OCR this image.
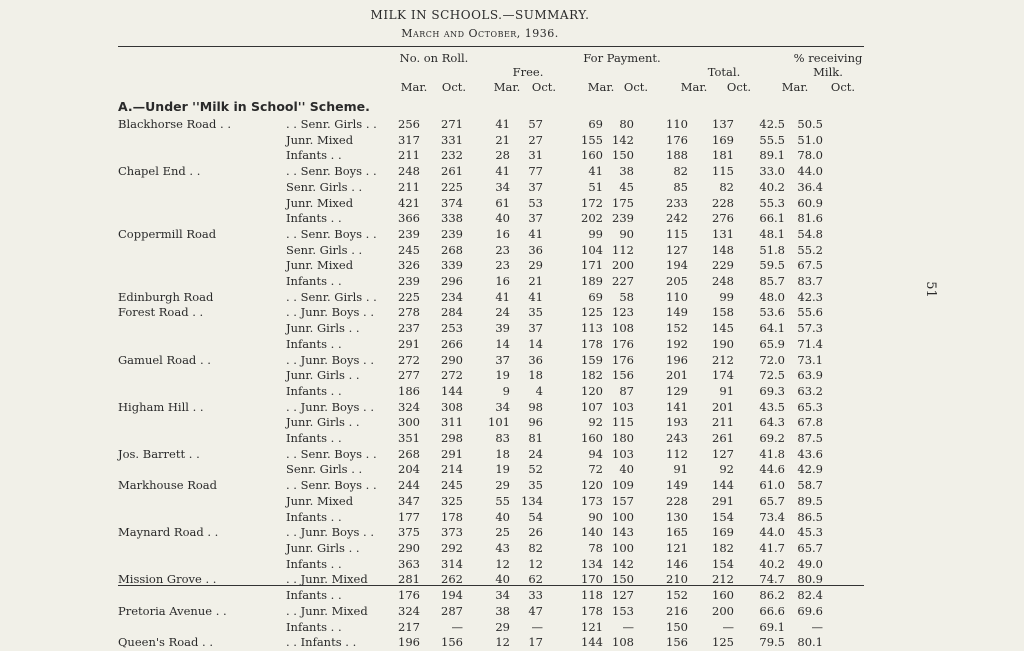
MILK IN SCHOOLS.—SUMMARY.
March and October, 1936.
No. on Roll.
Free.
For Payment.
Total.
% receiving Milk.
Mar.	Oct.	Mar.	Oct.	Mar. Oct.	Mar.	Oct.	Mar.	Oct.
A.—Under ''Milk in School'' Scheme.
Blackhorse Road . .	. . Senr. Girls . .	256	271	41	57	69	80	110	137	42.5	50.5
	Junr. Mixed	317	331	21	27	155	142	176	169	55.5	51.0
	Infants . .	211	232	28	31	160	150	188	181	89.1	78.0
Chapel End . .	. . Senr. Boys . .	248	261	41	77	41	38	82	115	33.0	44.0
	Senr. Girls . .	211	225	34	37	51	45	85	82	40.2	36.4
	Junr. Mixed	421	374	61	53	172	175	233	228	55.3	60.9
	Infants . .	366	338	40	37	202	239	242	276	66.1	81.6
Coppermill Road	. . Senr. Boys . .	239	239	16	41	99	90	115	131	48.1	54.8
	Senr. Girls . .	245	268	23	36	104	112	127	148	51.8	55.2
	Junr. Mixed	326	339	23	29	171	200	194	229	59.5	67.5
	Infants . .	239	296	16	21	189	227	205	248	85.7	83.7
Edinburgh Road	. . Senr. Girls . .	225	234	41	41	69	58	110	99	48.0	42.3
Forest Road . .	. . Junr. Boys . .	278	284	24	35	125	123	149	158	53.6	55.6
	Junr. Girls . .	237	253	39	37	113	108	152	145	64.1	57.3
	Infants . .	291	266	14	14	178	176	192	190	65.9	71.4
Gamuel Road . .	. . Junr. Boys . .	272	290	37	36	159	176	196	212	72.0	73.1
	Junr. Girls . .	277	272	19	18	182	156	201	174	72.5	63.9
	Infants . .	186	144	9	4	120	87	129	91	69.3	63.2
Higham Hill . .	. . Junr. Boys . .	324	308	34	98	107	103	141	201	43.5	65.3
	Junr. Girls . .	300	311	101	96	92	115	193	211	64.3	67.8
	Infants . .	351	298	83	81	160	180	243	261	69.2	87.5
Jos. Barrett . .	. . Senr. Boys . .	268	291	18	24	94	103	112	127	41.8	43.6
	Senr. Girls . .	204	214	19	52	72	40	91	92	44.6	42.9
Markhouse Road	. . Senr. Boys . .	244	245	29	35	120	109	149	144	61.0	58.7
	Junr. Mixed	347	325	55	134	173	157	228	291	65.7	89.5
	Infants . .	177	178	40	54	90	100	130	154	73.4	86.5
Maynard Road . .	. . Junr. Boys . .	375	373	25	26	140	143	165	169	44.0	45.3
	Junr. Girls . .	290	292	43	82	78	100	121	182	41.7	65.7
	Infants . .	363	314	12	12	134	142	146	154	40.2	49.0
Mission Grove . .	. . Junr. Mixed	281	262	40	62	170	150	210	212	74.7	80.9
	Infants . .	176	194	34	33	118	127	152	160	86.2	82.4
Pretoria Avenue . .	. . Junr. Mixed	324	287	38	47	178	153	216	200	66.6	69.6
	Infants . .	217	—	29	—	121	—	150	—	69.1	—
Queen's Road . .	. . Infants . .	196	156	12	17	144	108	156	125	79.5	80.1
51
